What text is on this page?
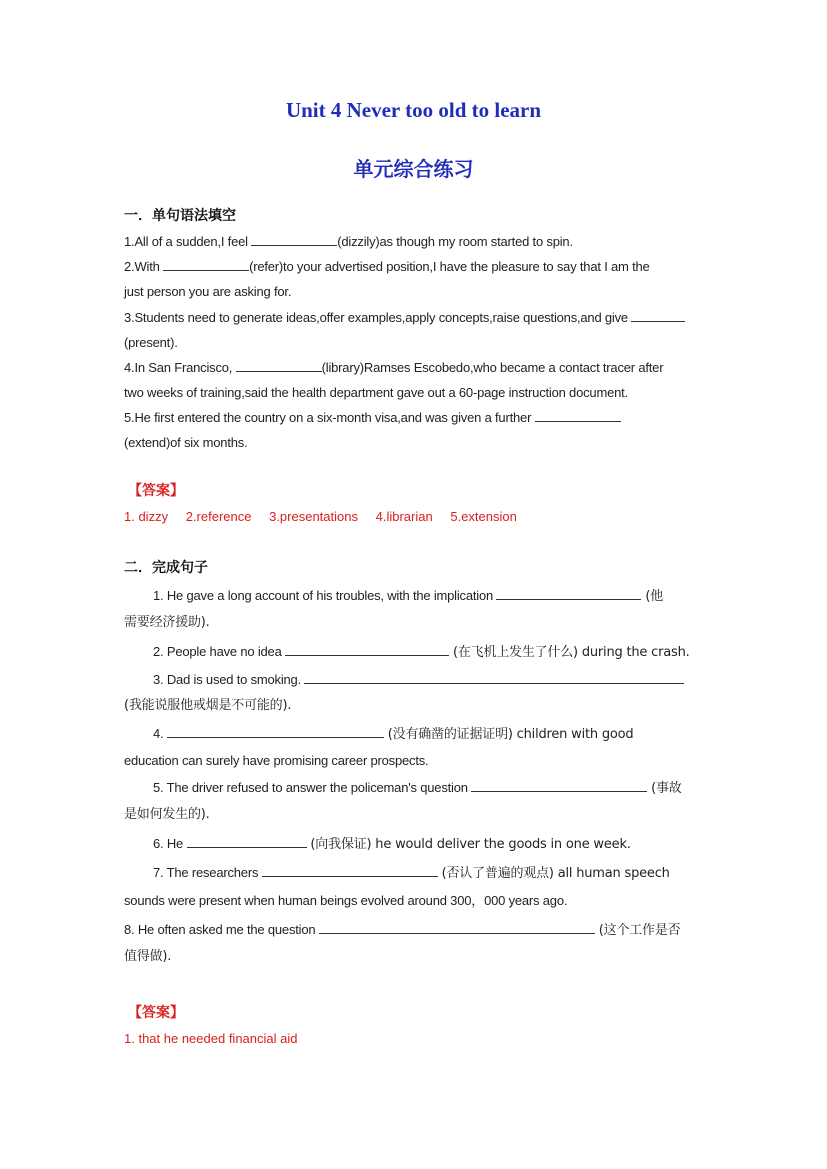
Unit 4 Never too old to learn
单元综合练习
一．单句语法填空
1.All of a sudden,I feel	(dizzily)as though my room started to spin.
2.With	(refer)to your advertised position,I have the pleasure to say that I am the
just person you are asking for.
3.Students need to generate ideas,offer examples,apply concepts,raise questions,and give
(present).
4.In San Francisco,	(library)Ramses Escobedo,who became a contact tracer after
two weeks of training,said the health department gave out a 60-page instruction document.
5.He first entered the country on a six-month visa,and was given a further
(extend)of six months.
【答案】
1. dizzy 2.reference 3.presentations 4.librarian 5.extension
二．完成句子
1. He gave a long account of his troubles, with the implication	(他
需要经济援助).
2. People have no idea	(在飞机上发生了什么) during the crash.
3. Dad is used to smoking.
(我能说服他戒烟是不可能的).
4.	(没有确凿的证据证明) children with good
education can surely have promising career prospects.
5. The driver refused to answer the policeman's question	(事故
是如何发生的).
6. He	(向我保证) he would deliver the goods in one week.
7. The researchers	(否认了普遍的观点) all human speech
sounds were present when human beings evolved around 300，000 years ago.
8. He often asked me the question	(这个工作是否
值得做).
【答案】
1. that he needed financial aid
